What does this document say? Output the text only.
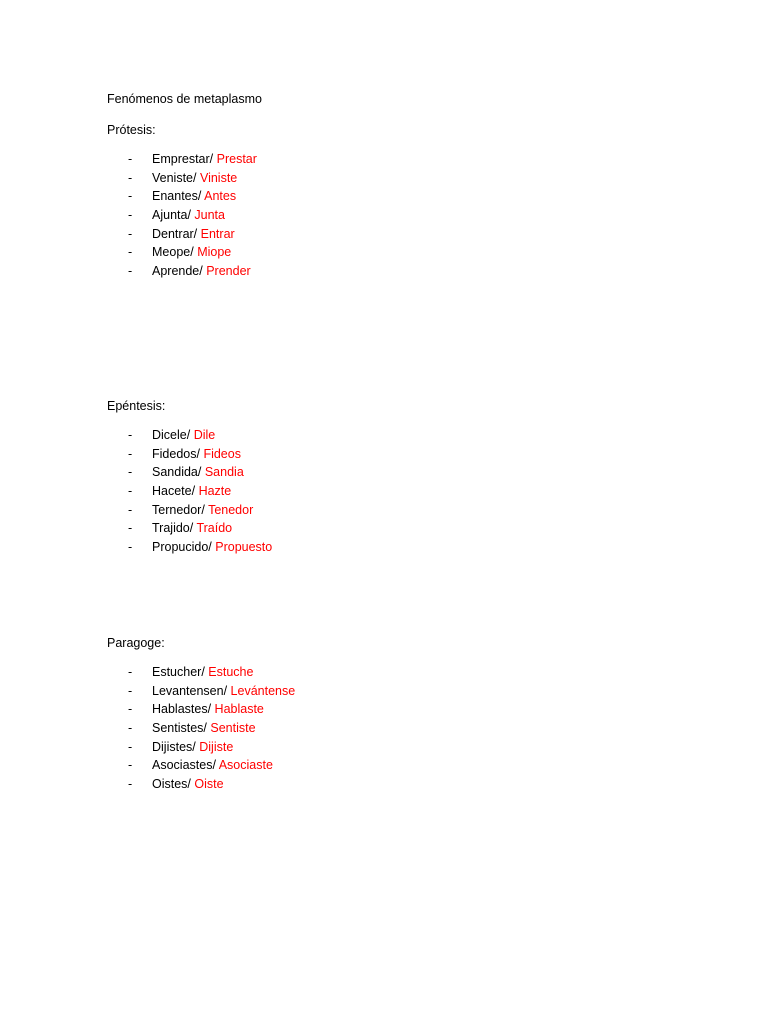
Fenómenos de metaplasmo
Prótesis:
- Emprestar/ Prestar
- Veniste/ Viniste
- Enantes/ Antes
- Ajunta/ Junta
- Dentrar/ Entrar
- Meope/ Miope
- Aprende/ Prender
Epéntesis:
- Dicele/ Dile
- Fidedos/ Fideos
- Sandida/ Sandia
- Hacete/ Hazte
- Ternedor/ Tenedor
- Trajido/ Traído
- Propucido/ Propuesto
Paragoge:
- Estucher/ Estuche
- Levantensen/ Levántense
- Hablastes/ Hablaste
- Sentistes/ Sentiste
- Dijistes/ Dijiste
- Asociastes/ Asociaste
- Oistes/ Oiste
